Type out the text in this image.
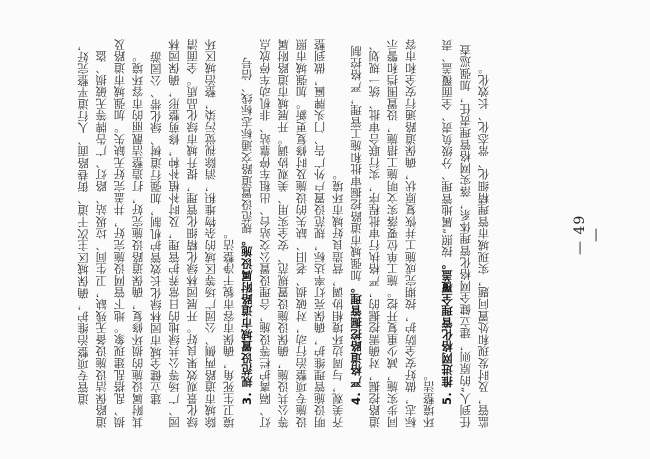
道管专项整治维护，确保城区主次干道、街巷路面、人行道平整完好，道路保洁设施设备无残缺，卫生间、垃圾站、路灯、广告牌等无破损、盗损、乱搭乱建现象。地下管网设施完好，井盖完好无缺失。加强城市道路及其附属设施的损坏修复，确保道路设施完好，打造整洁靓丽的市容环境。 建立健全城市园林绿化长效管护机制，加强行道树、绿化带、公园游园、广场等公共绿地的日常养护管理，及时补植补种，修剪整形，确保园林绿化景观效果良好。开展园林绿化精细化管理，提升城市绿化品质。全面清除城市道路两侧、公园广场等区域的杂物堆积，消除视觉污染，整治城区环境卫生死角，确保市容市貌干净整洁。 3. 规范设置城市道路附属设施。规范设置道路交通标志标线、信号灯、隔离护栏等设施，合理设置公交站台、出租车停靠站、非机动车停放点等公共设施，确保设施设置规范、安全实用、美观协调。开展城市道路附属设施专项整治行动，对破损、老旧、缺失的设施及时修复更新。加强城市照明设施管理维护，确保亮灯率达标，规范设置户外广告、门头牌匾，做到整齐美观，与周边环境相协调，营造良好城市环境。 4. 严格道路挖掘管理。加强城市道路挖掘审批和施工管理，严格控制道路挖掘，对确需挖掘的，严格执行审批程序，实行联合审批、统一规划、同步实施，减少重复开挖。施工单位要落实文明施工措施，设置围挡和警示标志，做好安全防护，按期完成施工并恢复原状，确保道路通行安全和市容环境整洁。 5. 推进网格化管理全覆盖。按照“属地管理、分级负责、全面覆盖、责任到人”的原则，建立健全网格化管理体系，落实网格管理责任，加强巡查监管，及时发现和处置问题，实现城市管理精细化、常态化、长效化。	— 49 —
